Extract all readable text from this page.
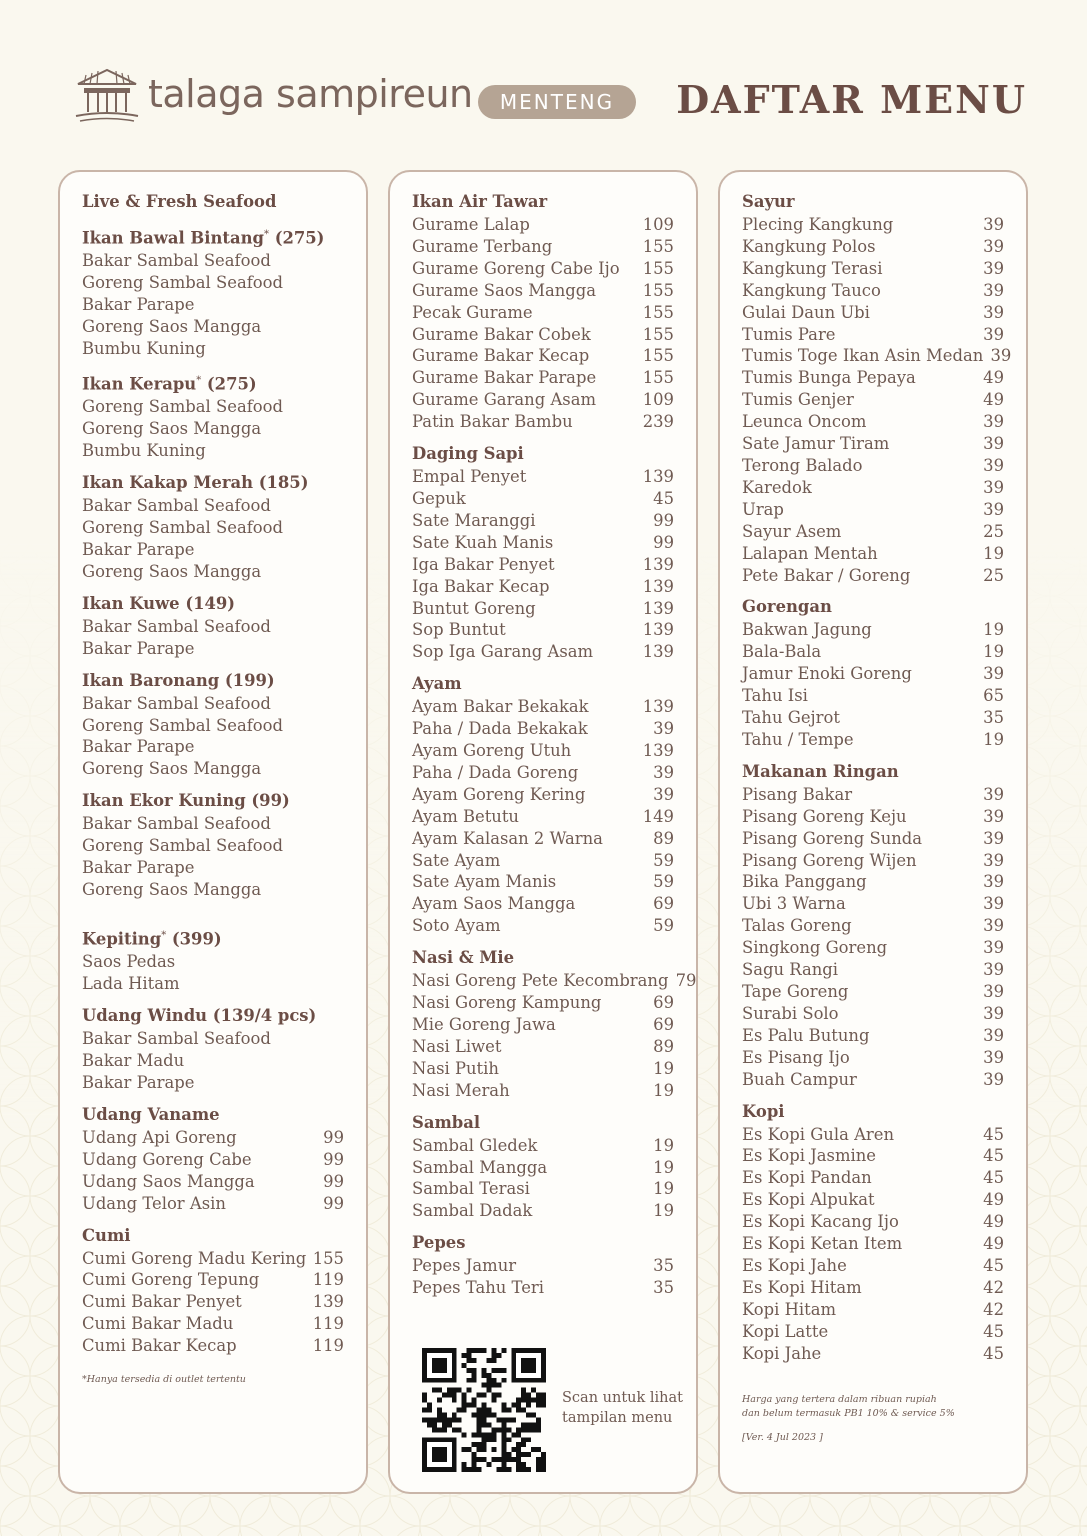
talaga sampireun	MENTENG	DAFTAR MENU
Live & Fresh Seafood
Ikan Bawal Bintang* (275)
Bakar Sambal Seafood
Goreng Sambal Seafood
Bakar Parape
Goreng Saos Mangga
Bumbu Kuning
Ikan Kerapu* (275)
Goreng Sambal Seafood
Goreng Saos Mangga
Bumbu Kuning
Ikan Kakap Merah (185)
Bakar Sambal Seafood
Goreng Sambal Seafood
Bakar Parape
Goreng Saos Mangga
Ikan Kuwe (149)
Bakar Sambal Seafood
Bakar Parape
Ikan Baronang (199)
Bakar Sambal Seafood
Goreng Sambal Seafood
Bakar Parape
Goreng Saos Mangga
Ikan Ekor Kuning (99)
Bakar Sambal Seafood
Goreng Sambal Seafood
Bakar Parape
Goreng Saos Mangga
Kepiting* (399)
Saos Pedas
Lada Hitam
Udang Windu (139/4 pcs)
Bakar Sambal Seafood
Bakar Madu
Bakar Parape
Udang Vaname
Udang Api Goreng	99
Udang Goreng Cabe	99
Udang Saos Mangga	99
Udang Telor Asin	99
Cumi
Cumi Goreng Madu Kering 155
Cumi Goreng Tepung	119
Cumi Bakar Penyet	139
Cumi Bakar Madu	119
Cumi Bakar Kecap	119
*Hanya tersedia di outlet tertentu
Ikan Air Tawar
Gurame Lalap	109
Gurame Terbang	155
Gurame Goreng Cabe Ijo 155
Gurame Saos Mangga	155
Pecak Gurame	155
Gurame Bakar Cobek	155
Gurame Bakar Kecap	155
Gurame Bakar Parape	155
Gurame Garang Asam	109
Patin Bakar Bambu	239
Daging Sapi
Empal Penyet	139
Gepuk	45
Sate Maranggi	99
Sate Kuah Manis	99
Iga Bakar Penyet	139
Iga Bakar Kecap	139
Buntut Goreng	139
Sop Buntut	139
Sop Iga Garang Asam	139
Ayam
Ayam Bakar Bekakak	139
Paha / Dada Bekakak	39
Ayam Goreng Utuh	139
Paha / Dada Goreng	39
Ayam Goreng Kering	39
Ayam Betutu	149
Ayam Kalasan 2 Warna	89
Sate Ayam	59
Sate Ayam Manis	59
Ayam Saos Mangga	69
Soto Ayam	59
Nasi & Mie
Nasi Goreng Pete Kecombrang 79
Nasi Goreng Kampung	69
Mie Goreng Jawa	69
Nasi Liwet	89
Nasi Putih	19
Nasi Merah	19
Sambal
Sambal Gledek	19
Sambal Mangga	19
Sambal Terasi	19
Sambal Dadak	19
Pepes
Pepes Jamur	35
Pepes Tahu Teri	35
Scan untuk lihat
tampilan menu
Sayur
Plecing Kangkung	39
Kangkung Polos	39
Kangkung Terasi	39
Kangkung Tauco	39
Gulai Daun Ubi	39
Tumis Pare	39
Tumis Toge Ikan Asin Medan 39
Tumis Bunga Pepaya	49
Tumis Genjer	49
Leunca Oncom	39
Sate Jamur Tiram	39
Terong Balado	39
Karedok	39
Urap	39
Sayur Asem	25
Lalapan Mentah	19
Pete Bakar / Goreng	25
Gorengan
Bakwan Jagung	19
Bala-Bala	19
Jamur Enoki Goreng	39
Tahu Isi	65
Tahu Gejrot	35
Tahu / Tempe	19
Makanan Ringan
Pisang Bakar	39
Pisang Goreng Keju	39
Pisang Goreng Sunda	39
Pisang Goreng Wijen	39
Bika Panggang	39
Ubi 3 Warna	39
Talas Goreng	39
Singkong Goreng	39
Sagu Rangi	39
Tape Goreng	39
Surabi Solo	39
Es Palu Butung	39
Es Pisang Ijo	39
Buah Campur	39
Kopi
Es Kopi Gula Aren	45
Es Kopi Jasmine	45
Es Kopi Pandan	45
Es Kopi Alpukat	49
Es Kopi Kacang Ijo	49
Es Kopi Ketan Item	49
Es Kopi Jahe	45
Es Kopi Hitam	42
Kopi Hitam	42
Kopi Latte	45
Kopi Jahe	45
Harga yang tertera dalam ribuan rupiah
dan belum termasuk PB1 10% & service 5%
[Ver. 4 Jul 2023 ]
